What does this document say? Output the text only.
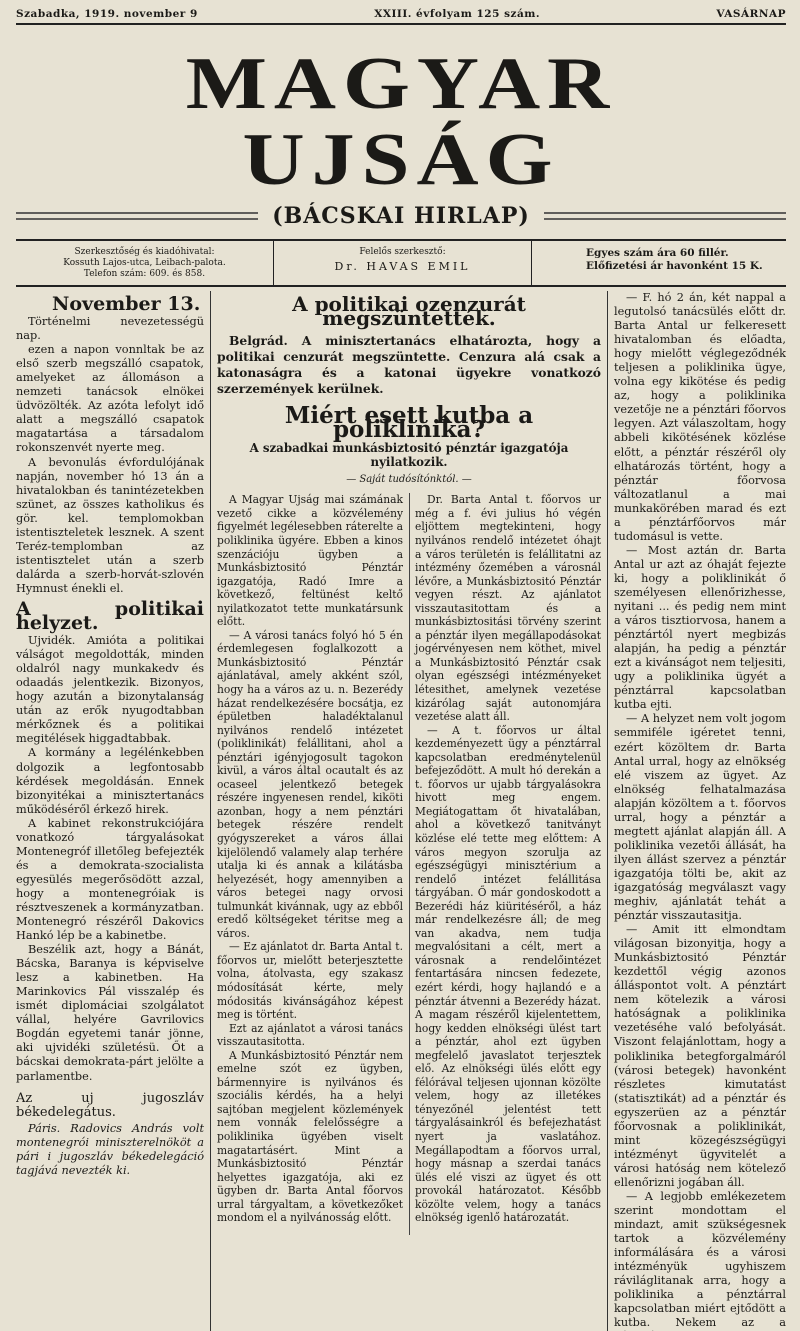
Szabadka, 1919. november 9	XXIII. évfolyam 125 szám.	VASÁRNAP
MAGYAR UJSÁG
(BÁCSKAI HIRLAP)
Szerkesztőség és kiadóhivatal:
Kossuth Lajos-utca, Leibach-palota.
Telefon szám: 609. és 858.
Felelős szerkesztő:
Dr. HAVAS EMIL
Egyes szám ára 60 fillér.
Előfizetési ár havonként 15 K.
November 13.

Történelmi nevezetességü nap.

ezen a napon vonnltak be az első szerb megszálló csapatok, amelyeket az állomáson a nemzeti tanácsok elnökei üdvözölték. Az azóta lefolyt idő alatt a megszálló csapatok magatartása a társadalom rokonszenvét nyerte meg.

A bevonulás évfordulójának napján, november hó 13 án a hivatalokban és tanintézetekben szünet, az összes katholikus és gör. kel. templomokban istentiszteletek lesznek. A szent Teréz-templomban az istentisztelet után a szerb dalárda a szerb-horvát-szlovén Hymnust énekli el.

A politikai helyzet.

Ujvidék. Amióta a politikai válságot megoldották, minden oldalról nagy munkakedv és odaadás jelentkezik. Bizonyos, hogy azután a bizonytalanság után az erők nyugodtabban mérkőznek és a politikai megitélések higgadtabbak.

A kormány a legélénkebben dolgozik a legfontosabb kérdések megoldásán. Ennek bizonyitékai a minisztertanács működéséről érkező hirek.

A kabinet rekonstrukciójára vonatkozó tárgyalásokat Montenegróf illetőleg befejezték és a demokrata-szocialista egyesülés megerősödött azzal, hogy a montenegróiak is résztveszenek a kormányzatban. Montenegró részéről Dakovics Hankó lép be a kabinetbe.

Beszélik azt, hogy a Bánát, Bácska, Baranya is képviselve lesz a kabinetben. Ha Marinkovics Pál visszalép és ismét diplomáciai szolgálatot vállal, helyére Gavrilovics Bogdán egyetemi tanár jönne, aki ujvidéki születésü. Őt a bácskai demokrata-párt jelölte a parlamentbe.

Az uj jugoszláv békedelegátus.

Páris. Radovics András volt montenegrói miniszterelnököt a pári i jugoszláv békedelegáció tagjává nevezték ki.

A politikai ozenzurát megszüntették.

Belgrád. A minisztertanács elhatározta, hogy a politikai cenzurát megszüntette. Cenzura alá csak a katonaságra és a katonai ügyekre vonatkozó szerzemények kerülnek.

Miért esett kutba a poliklinika?
A szabadkai munkásbiztositó pénztár igazgatója nyilatkozik.
— Saját tudósítónktól. —

A Magyar Ujság mai számának vezető cikke a közvélemény figyelmét legélesebben ráterelte a poliklinika ügyére. Ebben a kinos szenzációju ügyben a Munkásbiztositó Pénztár igazgatója, Radó Imre a következő, feltünést keltő nyilatkozatot tette munkatársunk előtt.

— A városi tanács folyó hó 5 én érdemlegesen foglalkozott a Munkásbiztositó Pénztár ajánlatával, amely akként szól, hogy ha a város az u. n. Bezerédy házat rendelkezésére bocsátja, ez épületben haladéktalanul nyilvános rendelő intézetet (poliklinikát) felállitani, ahol a pénztári igényjogosult tagokon kivül, a város által ocautalt és az ocaseel jelentkező betegek részére ingyenesen rendel, kiköti azonban, hogy a nem pénztári betegek részére rendelt gyógyszereket a város állai kijelölendő valamely alap terhére utalja ki és annak a kilátásba helyezését, hogy amennyiben a város betegei nagy orvosi tulmunkát kivánnak, ugy az ebből eredő költségeket téritse meg a város.

— Ez ajánlatot dr. Barta Antal t. főorvos ur, mielőtt beterjesztette volna, átolvasta, egy szakasz módosítását kérte, mely módositás kivánságához képest meg is történt.

Ezt az ajánlatot a városi tanács visszautasitotta.

A Munkásbiztositó Pénztár nem emelne szót ez ügyben, bármennyire is nyilvános és szociális kérdés, ha a helyi sajtóban megjelent közlemények nem vonnák felelősségre a poliklinika ügyében viselt magatartásért. Mint a Munkásbiztositó Pénztár helyettes igazgatója, aki ez ügyben dr. Barta Antal főorvos urral tárgyaltam, a következőket mondom el a nyilvánosság előtt.

Dr. Barta Antal t. főorvos ur még a f. évi julius hó végén eljöttem megtekinteni, hogy nyilvános rendelő intézetet óhajt a város területén is felállitatni az intézmény őzemében a városnál lévőre, a Munkásbiztositó Pénztár vegyen részt. Az ajánlatot visszautasitottam és a munkásbiztositási törvény szerint a pénztár ilyen megállapodásokat jogérvényesen nem köthet, mivel a Munkásbiztositó Pénztár csak olyan egészségi intézményeket létesithet, amelynek vezetése kizárólag saját autonomjára vezetése alatt áll.

— A t. főorvos ur által kezdeményezett ügy a pénztárral kapcsolatban eredménytelenül befejeződött. A mult hó derekán a t. főorvos ur ujabb tárgyalásokra hivott meg engem. Megiátogattam őt hivatalában, ahol a következő tanitványt közlése elé tette meg előttem: A város megyon szorulja az egészségügyi minisztérium a rendelő intézet felállitása tárgyában. Ő már gondoskodott a Bezerédi ház kiüritéséről, a ház már rendelkezésre áll; de meg van akadva, nem tudja megvalósitani a célt, mert a városnak a rendelőintézet fentartására nincsen fedezete, ezért kérdi, hogy hajlandó e a pénztár átvenni a Bezerédy házat. A magam részéről kijelentettem, hogy kedden elnökségi ülést tart a pénztár, ahol ezt ügyben megfelelő javaslatot terjesztek elő. Az elnökségi ülés előtt egy félórával teljesen ujonnan közölte velem, hogy az illetékes tényezőnél jelentést tett tárgyalásainkról és befejezhatást nyert ja vaslatához. Megállapodtam a főorvos urral, hogy másnap a szerdai tanács ülés elé viszi az ügyet és ott provokál határozatot. Később közölte velem, hogy a tanács elnökség igenlő határozatát.

— F. hó 2 án, két nappal a legutolsó tanácsülés előtt dr. Barta Antal ur felkeresett hivatalomban és előadta, hogy mielőtt véglegeződnék teljesen a poliklinika ügye, volna egy kikötése és pedig az, hogy a poliklinika vezetője ne a pénztári főorvos legyen. Azt válaszoltam, hogy abbeli kikötésének közlése előtt, a pénztár részéről oly elhatározás történt, hogy a pénztár főorvosa változatlanul a mai munkakörében marad és ezt a pénztárfőorvos már tudomásul is vette.

— Most aztán dr. Barta Antal ur azt az óhaját fejezte ki, hogy a poliklinikát ő személyesen ellenőrizhesse, nyitani ... és pedig nem mint a város tisztiorvosa, hanem a pénztártól nyert megbizás alapján, ha pedig a pénztár ezt a kivánságot nem teljesiti, ugy a poliklinika ügyét a pénztárral kapcsolatban kutba ejti.

— A helyzet nem volt jogom semmiféle igéretet tenni, ezért közöltem dr. Barta Antal urral, hogy az elnökség elé viszem az ügyet. Az elnökség felhatalmazása alapján közöltem a t. főorvos urral, hogy a pénztár a megtett ajánlat alapján áll. A poliklinika vezetői állását, ha ilyen állást szervez a pénztár igazgatója tölti be, akit az igazgatóság megválaszt vagy meghiv, ajánlatát tehát a pénztár visszautasitja.

— Amit itt elmondtam világosan bizonyitja, hogy a Munkásbiztositó Pénztár kezdettől végig azonos álláspontot volt. A pénztárt nem kötelezik a városi hatóságnak a poliklinika vezetéséhe való befolyását. Viszont felajánlottam, hogy a poliklinika betegforgalmáról (városi betegek) havonként részletes kimutatást (statisztikát) ad a pénztár és egyszerüen az a pénztár főorvosnak a poliklinikát, mint közegészségügyi intézményt ügyvitelét a városi hatóság nem kötelező ellenőrizni jogában áll.

— A legjobb emlékezetem szerint mondottam el mindazt, amit szükségesnek tartok a közvélemény informálására és a városi intézményük ugyhiszem ráviláglitanak arra, hogy a poliklinika a pénztárral kapcsolatban miért ejtődött a kutba. Nekem az a
